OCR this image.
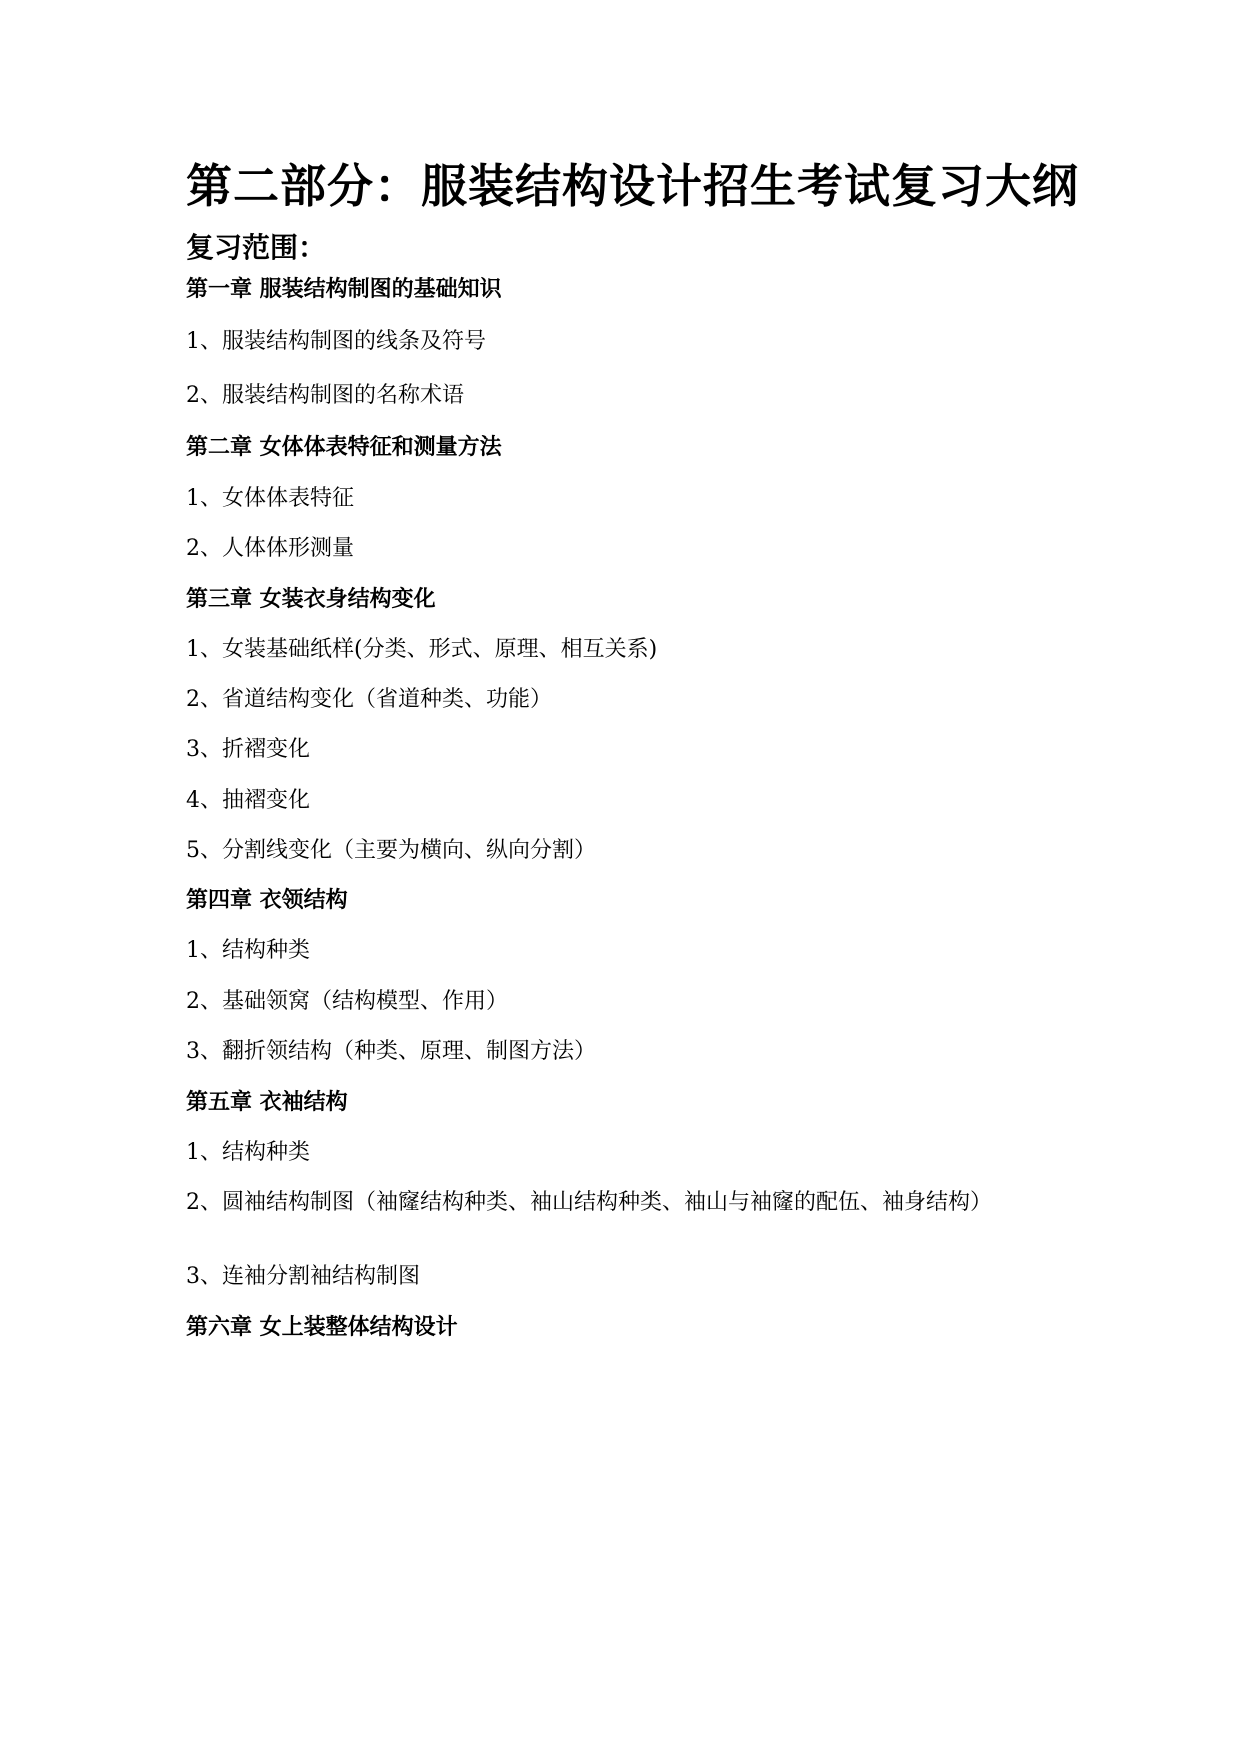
第二部分：服装结构设计招生考试复习大纲
复习范围：
第一章 服装结构制图的基础知识
1、服装结构制图的线条及符号
2、服装结构制图的名称术语
第二章 女体体表特征和测量方法
1、女体体表特征
2、人体体形测量
第三章 女装衣身结构变化
1、女装基础纸样(分类、形式、原理、相互关系)
2、省道结构变化（省道种类、功能）
3、折褶变化
4、抽褶变化
5、分割线变化（主要为横向、纵向分割）
第四章 衣领结构
1、结构种类
2、基础领窝（结构模型、作用）
3、翻折领结构（种类、原理、制图方法）
第五章 衣袖结构
1、结构种类
2、圆袖结构制图（袖窿结构种类、袖山结构种类、袖山与袖窿的配伍、袖身结构）
3、连袖分割袖结构制图
第六章 女上装整体结构设计
